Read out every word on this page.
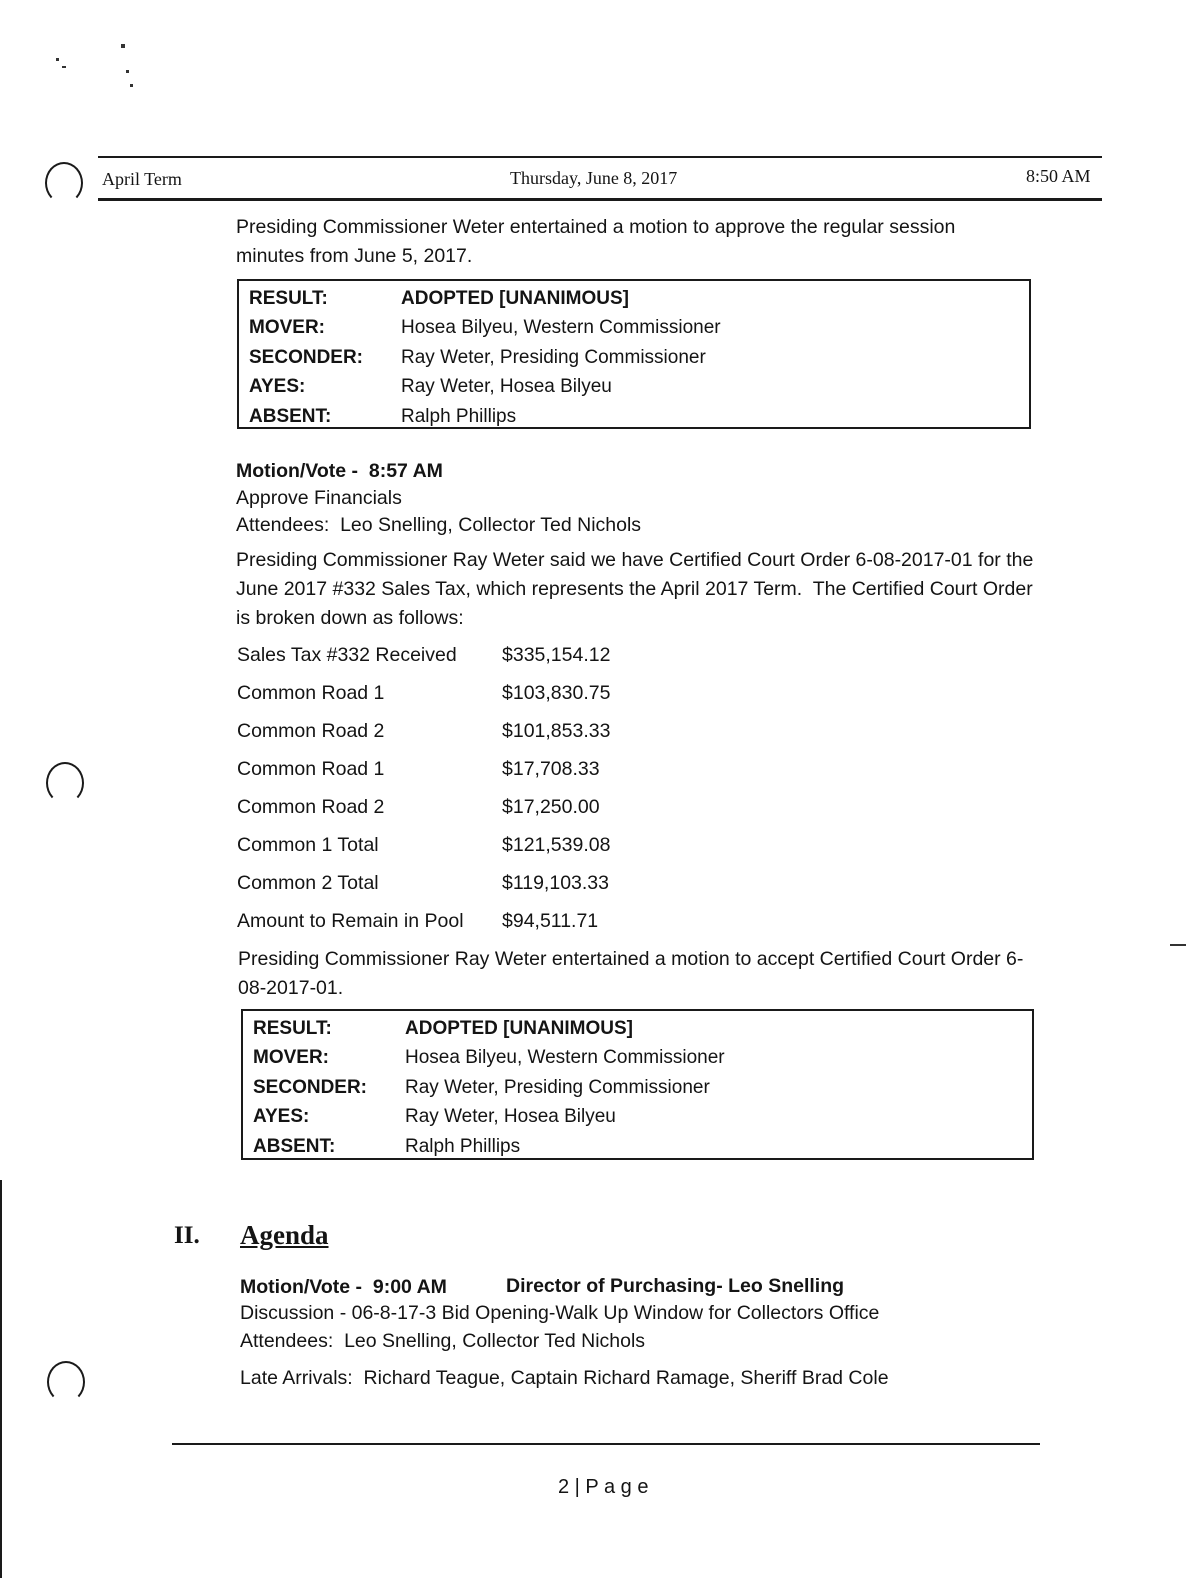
April Term	Thursday, June 8, 2017	8:50 AM
Presiding Commissioner Weter entertained a motion to approve the regular session minutes from June 5, 2017.
RESULT:	ADOPTED [UNANIMOUS]
MOVER:	Hosea Bilyeu, Western Commissioner
SECONDER:	Ray Weter, Presiding Commissioner
AYES:	Ray Weter, Hosea Bilyeu
ABSENT:	Ralph Phillips
Motion/Vote -  8:57 AM
Approve Financials
Attendees:  Leo Snelling, Collector Ted Nichols
Presiding Commissioner Ray Weter said we have Certified Court Order 6-08-2017-01 for the June 2017 #332 Sales Tax, which represents the April 2017 Term.  The Certified Court Order is broken down as follows:
Sales Tax #332 Received	$335,154.12
Common Road 1	$103,830.75
Common Road 2	$101,853.33
Common Road 1	$17,708.33
Common Road 2	$17,250.00
Common 1 Total	$121,539.08
Common 2 Total	$119,103.33
Amount to Remain in Pool	$94,511.71
Presiding Commissioner Ray Weter entertained a motion to accept Certified Court Order 6-08-2017-01.
RESULT:	ADOPTED [UNANIMOUS]
MOVER:	Hosea Bilyeu, Western Commissioner
SECONDER:	Ray Weter, Presiding Commissioner
AYES:	Ray Weter, Hosea Bilyeu
ABSENT:	Ralph Phillips
II. Agenda
Motion/Vote -  9:00 AM	Director of Purchasing- Leo Snelling
Discussion - 06-8-17-3 Bid Opening-Walk Up Window for Collectors Office
Attendees:  Leo Snelling, Collector Ted Nichols
Late Arrivals:  Richard Teague, Captain Richard Ramage, Sheriff Brad Cole
2 | P a g e
